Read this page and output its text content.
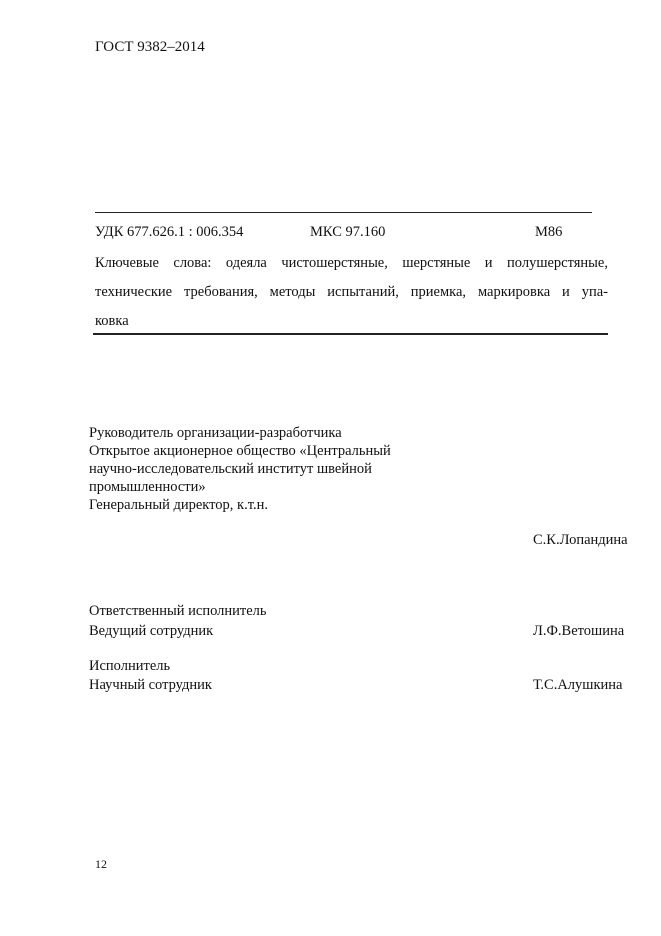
ГОСТ 9382–2014
УДК 677.626.1 : 006.354	МКС 97.160	М86
Ключевые слова: одеяла чистошерстяные, шерстяные и полушерстяные,
технические требования, методы испытаний, приемка, маркировка и упа-
ковка
Руководитель организации-разработчика
Открытое акционерное общество «Центральный
научно-исследовательский институт швейной
промышленности»
Генеральный директор, к.т.н.
С.К.Лопандина
Ответственный исполнитель
Ведущий сотрудник	Л.Ф.Ветошина
Исполнитель
Научный сотрудник	Т.С.Алушкина
12
